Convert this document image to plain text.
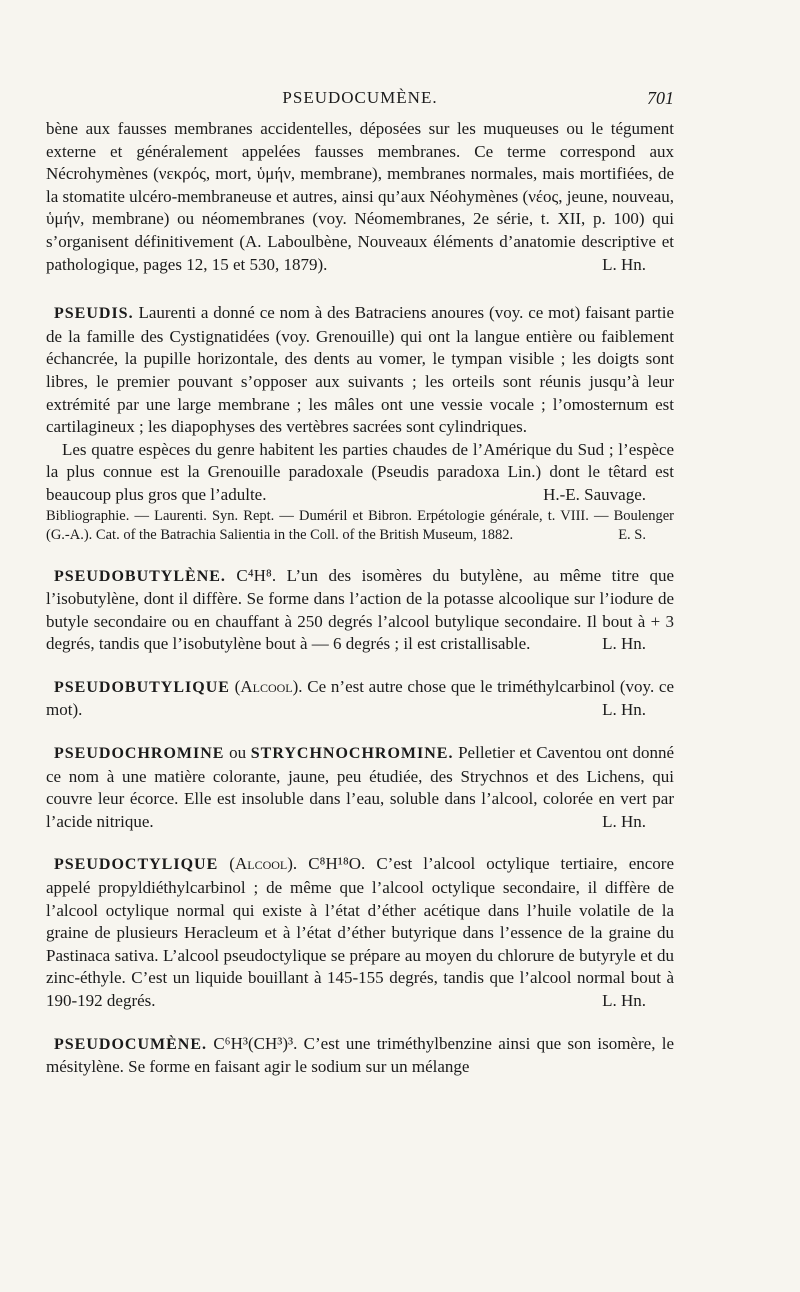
PSEUDOCUMÈNE.	701

bène aux fausses membranes accidentelles, déposées sur les muqueuses ou le tégument externe et généralement appelées fausses membranes. Ce terme correspond aux Nécrohymènes (νεκρός, mort, ὑμήν, membrane), membranes normales, mais mortifiées, de la stomatite ulcéro-membraneuse et autres, ainsi qu’aux Néohymènes (νέος, jeune, nouveau, ὑμήν, membrane) ou néomembranes (voy. Néomembranes, 2e série, t. XII, p. 100) qui s’organisent définitivement (A. Laboulbène, Nouveaux éléments d’anatomie descriptive et pathologique, pages 12, 15 et 530, 1879).	L. Hn.

PSEUDIS. Laurenti a donné ce nom à des Batraciens anoures (voy. ce mot) faisant partie de la famille des Cystignatidées (voy. Grenouille) qui ont la langue entière ou faiblement échancrée, la pupille horizontale, des dents au vomer, le tympan visible ; les doigts sont libres, le premier pouvant s’opposer aux suivants ; les orteils sont réunis jusqu’à leur extrémité par une large membrane ; les mâles ont une vessie vocale ; l’omosternum est cartilagineux ; les diapophyses des vertèbres sacrées sont cylindriques.

Les quatre espèces du genre habitent les parties chaudes de l’Amérique du Sud ; l’espèce la plus connue est la Grenouille paradoxale (Pseudis paradoxa Lin.) dont le têtard est beaucoup plus gros que l’adulte.	H.-E. Sauvage.

Bibliographie. — Laurenti. Syn. Rept. — Duméril et Bibron. Erpétologie générale, t. VIII. — Boulenger (G.-A.). Cat. of the Batrachia Salientia in the Coll. of the British Museum, 1882.	E. S.

PSEUDOBUTYLÈNE. C⁴H⁸. L’un des isomères du butylène, au même titre que l’isobutylène, dont il diffère. Se forme dans l’action de la potasse alcoolique sur l’iodure de butyle secondaire ou en chauffant à 250 degrés l’alcool butylique secondaire. Il bout à + 3 degrés, tandis que l’isobutylène bout à — 6 degrés ; il est cristallisable.	L. Hn.

PSEUDOBUTYLIQUE (Alcool). Ce n’est autre chose que le triméthylcarbinol (voy. ce mot).	L. Hn.

PSEUDOCHROMINE ou STRYCHNOCHROMINE. Pelletier et Caventou ont donné ce nom à une matière colorante, jaune, peu étudiée, des Strychnos et des Lichens, qui couvre leur écorce. Elle est insoluble dans l’eau, soluble dans l’alcool, colorée en vert par l’acide nitrique.	L. Hn.

PSEUDOCTYLIQUE (Alcool). C⁸H¹⁸O. C’est l’alcool octylique tertiaire, encore appelé propyldiéthylcarbinol ; de même que l’alcool octylique secondaire, il diffère de l’alcool octylique normal qui existe à l’état d’éther acétique dans l’huile volatile de la graine de plusieurs Heracleum et à l’état d’éther butyrique dans l’essence de la graine du Pastinaca sativa. L’alcool pseudoctylique se prépare au moyen du chlorure de butyryle et du zinc-éthyle. C’est un liquide bouillant à 145-155 degrés, tandis que l’alcool normal bout à 190-192 degrés.	L. Hn.

PSEUDOCUMÈNE. C⁶H³(CH³)³. C’est une triméthylbenzine ainsi que son isomère, le mésitylène. Se forme en faisant agir le sodium sur un mélange
